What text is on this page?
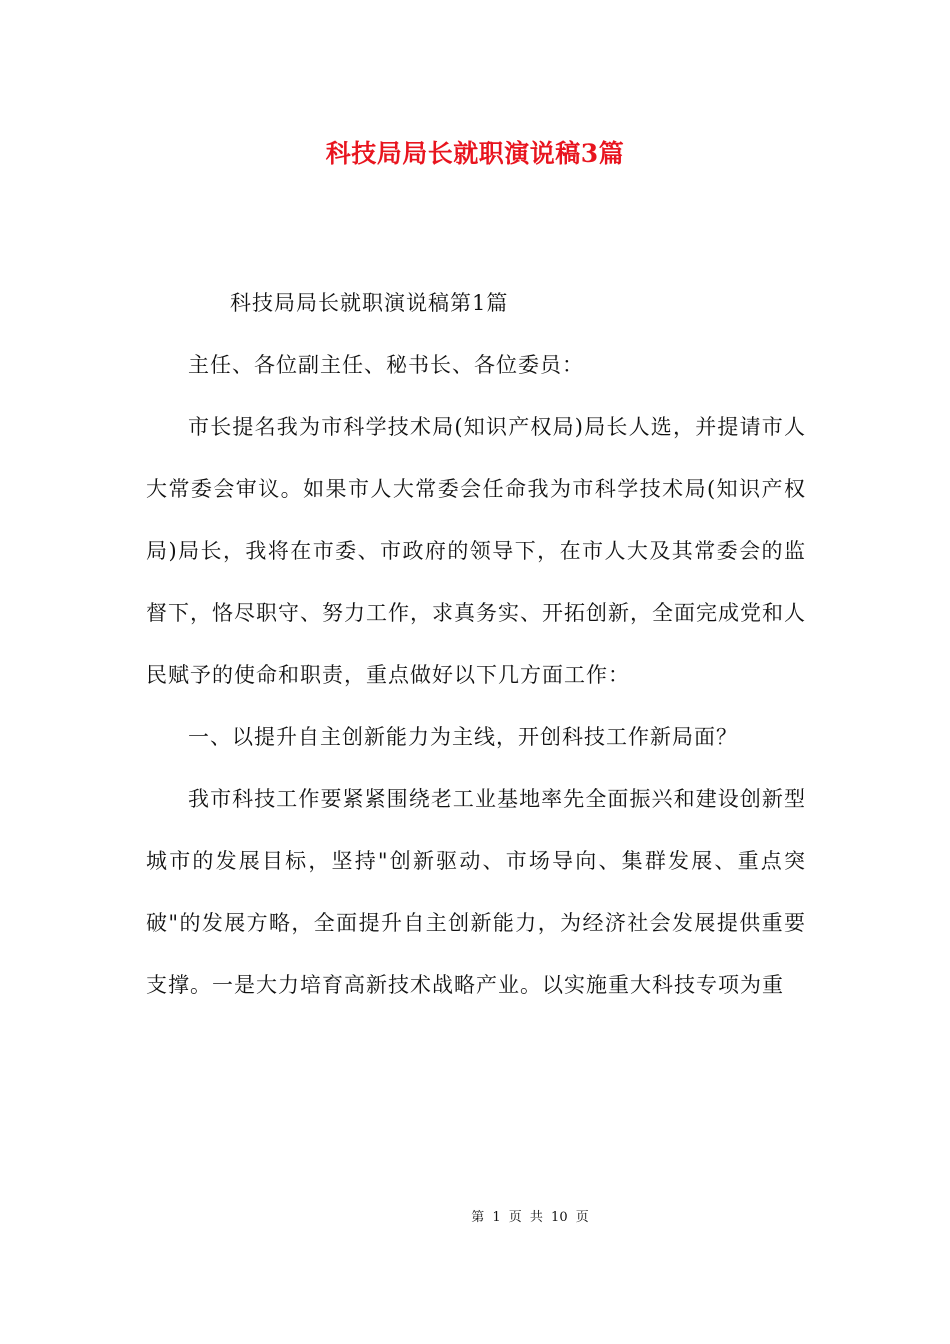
科技局局长就职演说稿3篇

科技局局长就职演说稿第1篇

主任、各位副主任、秘书长、各位委员：

市长提名我为市科学技术局(知识产权局)局长人选，并提请市人大常委会审议。如果市人大常委会任命我为市科学技术局(知识产权局)局长，我将在市委、市政府的领导下，在市人大及其常委会的监督下，恪尽职守、努力工作，求真务实、开拓创新，全面完成党和人民赋予的使命和职责，重点做好以下几方面工作：

一、以提升自主创新能力为主线，开创科技工作新局面？

我市科技工作要紧紧围绕老工业基地率先全面振兴和建设创新型城市的发展目标，坚持"创新驱动、市场导向、集群发展、重点突破"的发展方略，全面提升自主创新能力，为经济社会发展提供重要支撑。一是大力培育高新技术战略产业。以实施重大科技专项为重

第 1 页 共 10 页
